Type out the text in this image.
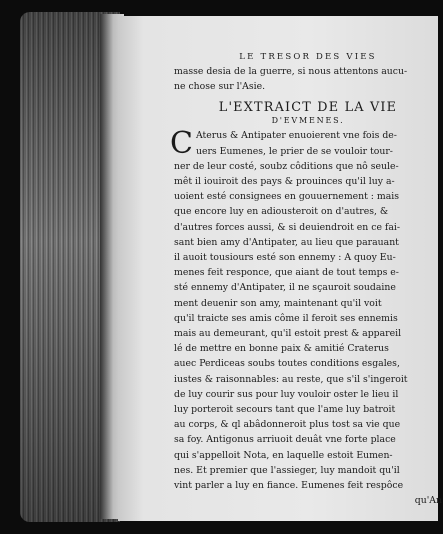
LE TRESOR DES VIES
masse desia de la guerre, si nous attentons aucu-
ne chose sur l'Asie.
L'EXTRAICT DE LA VIE
D'EVMENES.
C Aterus & Antipater enuoierent vne fois de-
uers Eumenes, le prier de se vouloir tour-
ner de leur costé, soubz côditions que nô seule-
mêt il iouiroit des pays & prouinces qu'il luy a-
uoient esté consignees en gouuernement : mais
que encore luy en adiousteroit on d'autres, &
d'autres forces aussi, & si deuiendroit en ce fai-
sant bien amy d'Antipater, au lieu que parauant
il auoit tousiours esté son ennemy : A quoy Eu-
menes feit responce, que aiant de tout temps e-
sté ennemy d'Antipater, il ne sçauroit soudaine
ment deuenir son amy, maintenant qu'il voit
qu'il traicte ses amis côme il feroit ses ennemis
mais au demeurant, qu'il estoit prest & appareil
lé de mettre en bonne paix & amitié Craterus
auec Perdiceas soubs toutes conditions esgales,
iustes & raisonnables: au reste, que s'il s'ingeroit
de luy courir sus pour luy vouloir oster le lieu il
luy porteroit secours tant que l'ame luy batroit
au corps, & ql abâdonneroit plus tost sa vie que
sa foy. Antigonus arriuoit deuât vne forte place
qui s'appelloit Nota, en laquelle estoit Eumen-
nes. Et premier que l'assieger, luy mandoit qu'il
vint parler a luy en fiance. Eumenes feit respôce
qu'An
